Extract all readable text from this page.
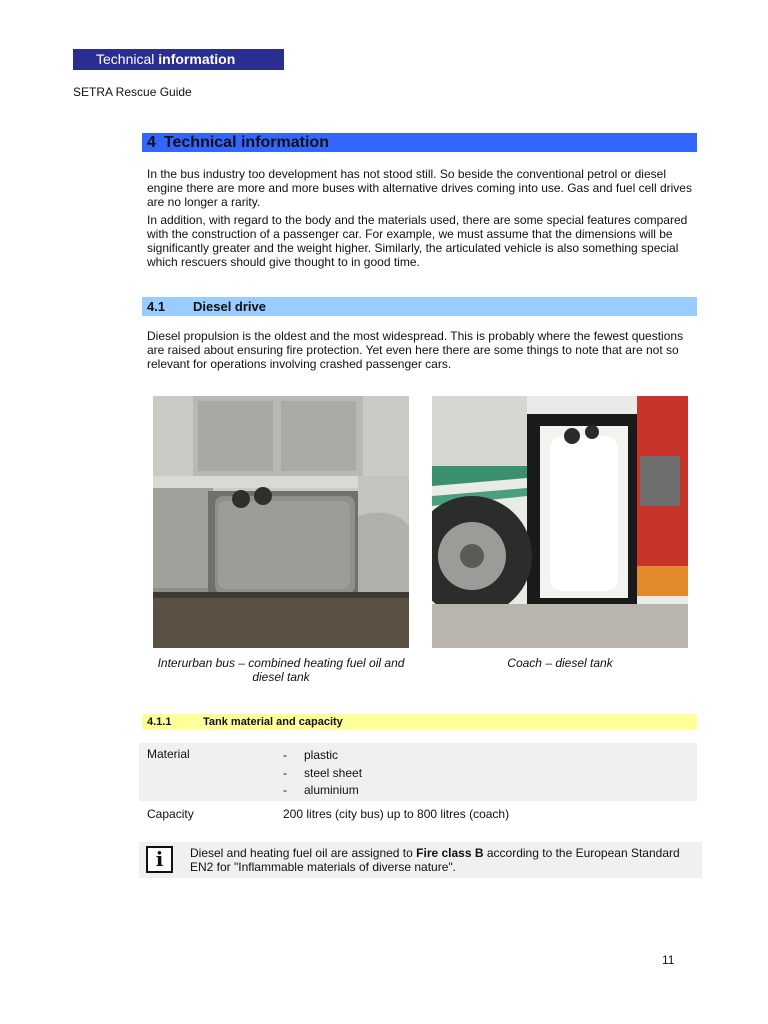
Technical information
SETRA Rescue Guide
4 Technical information
In the bus industry too development has not stood still. So beside the conventional petrol or diesel engine there are more and more buses with alternative drives coming into use. Gas and fuel cell drives are no longer a rarity.
In addition, with regard to the body and the materials used, there are some special features compared with the construction of a passenger car. For example, we must assume that the dimensions will be significantly greater and the weight higher. Similarly, the articulated vehicle is also something special which rescuers should give thought to in good time.
4.1 Diesel drive
Diesel propulsion is the oldest and the most widespread. This is probably where the fewest questions are raised about ensuring fire protection. Yet even here there are some things to note that are not so relevant for operations involving crashed passenger cars.
Interurban bus – combined heating fuel oil and diesel tank
Coach – diesel tank
4.1.1	Tank material and capacity
Material	-	plastic
-	steel sheet
-	aluminium
Capacity	200 litres (city bus) up to 800 litres (coach)
i	Diesel and heating fuel oil are assigned to Fire class B according to the European Standard EN2 for "Inflammable materials of diverse nature".
11
